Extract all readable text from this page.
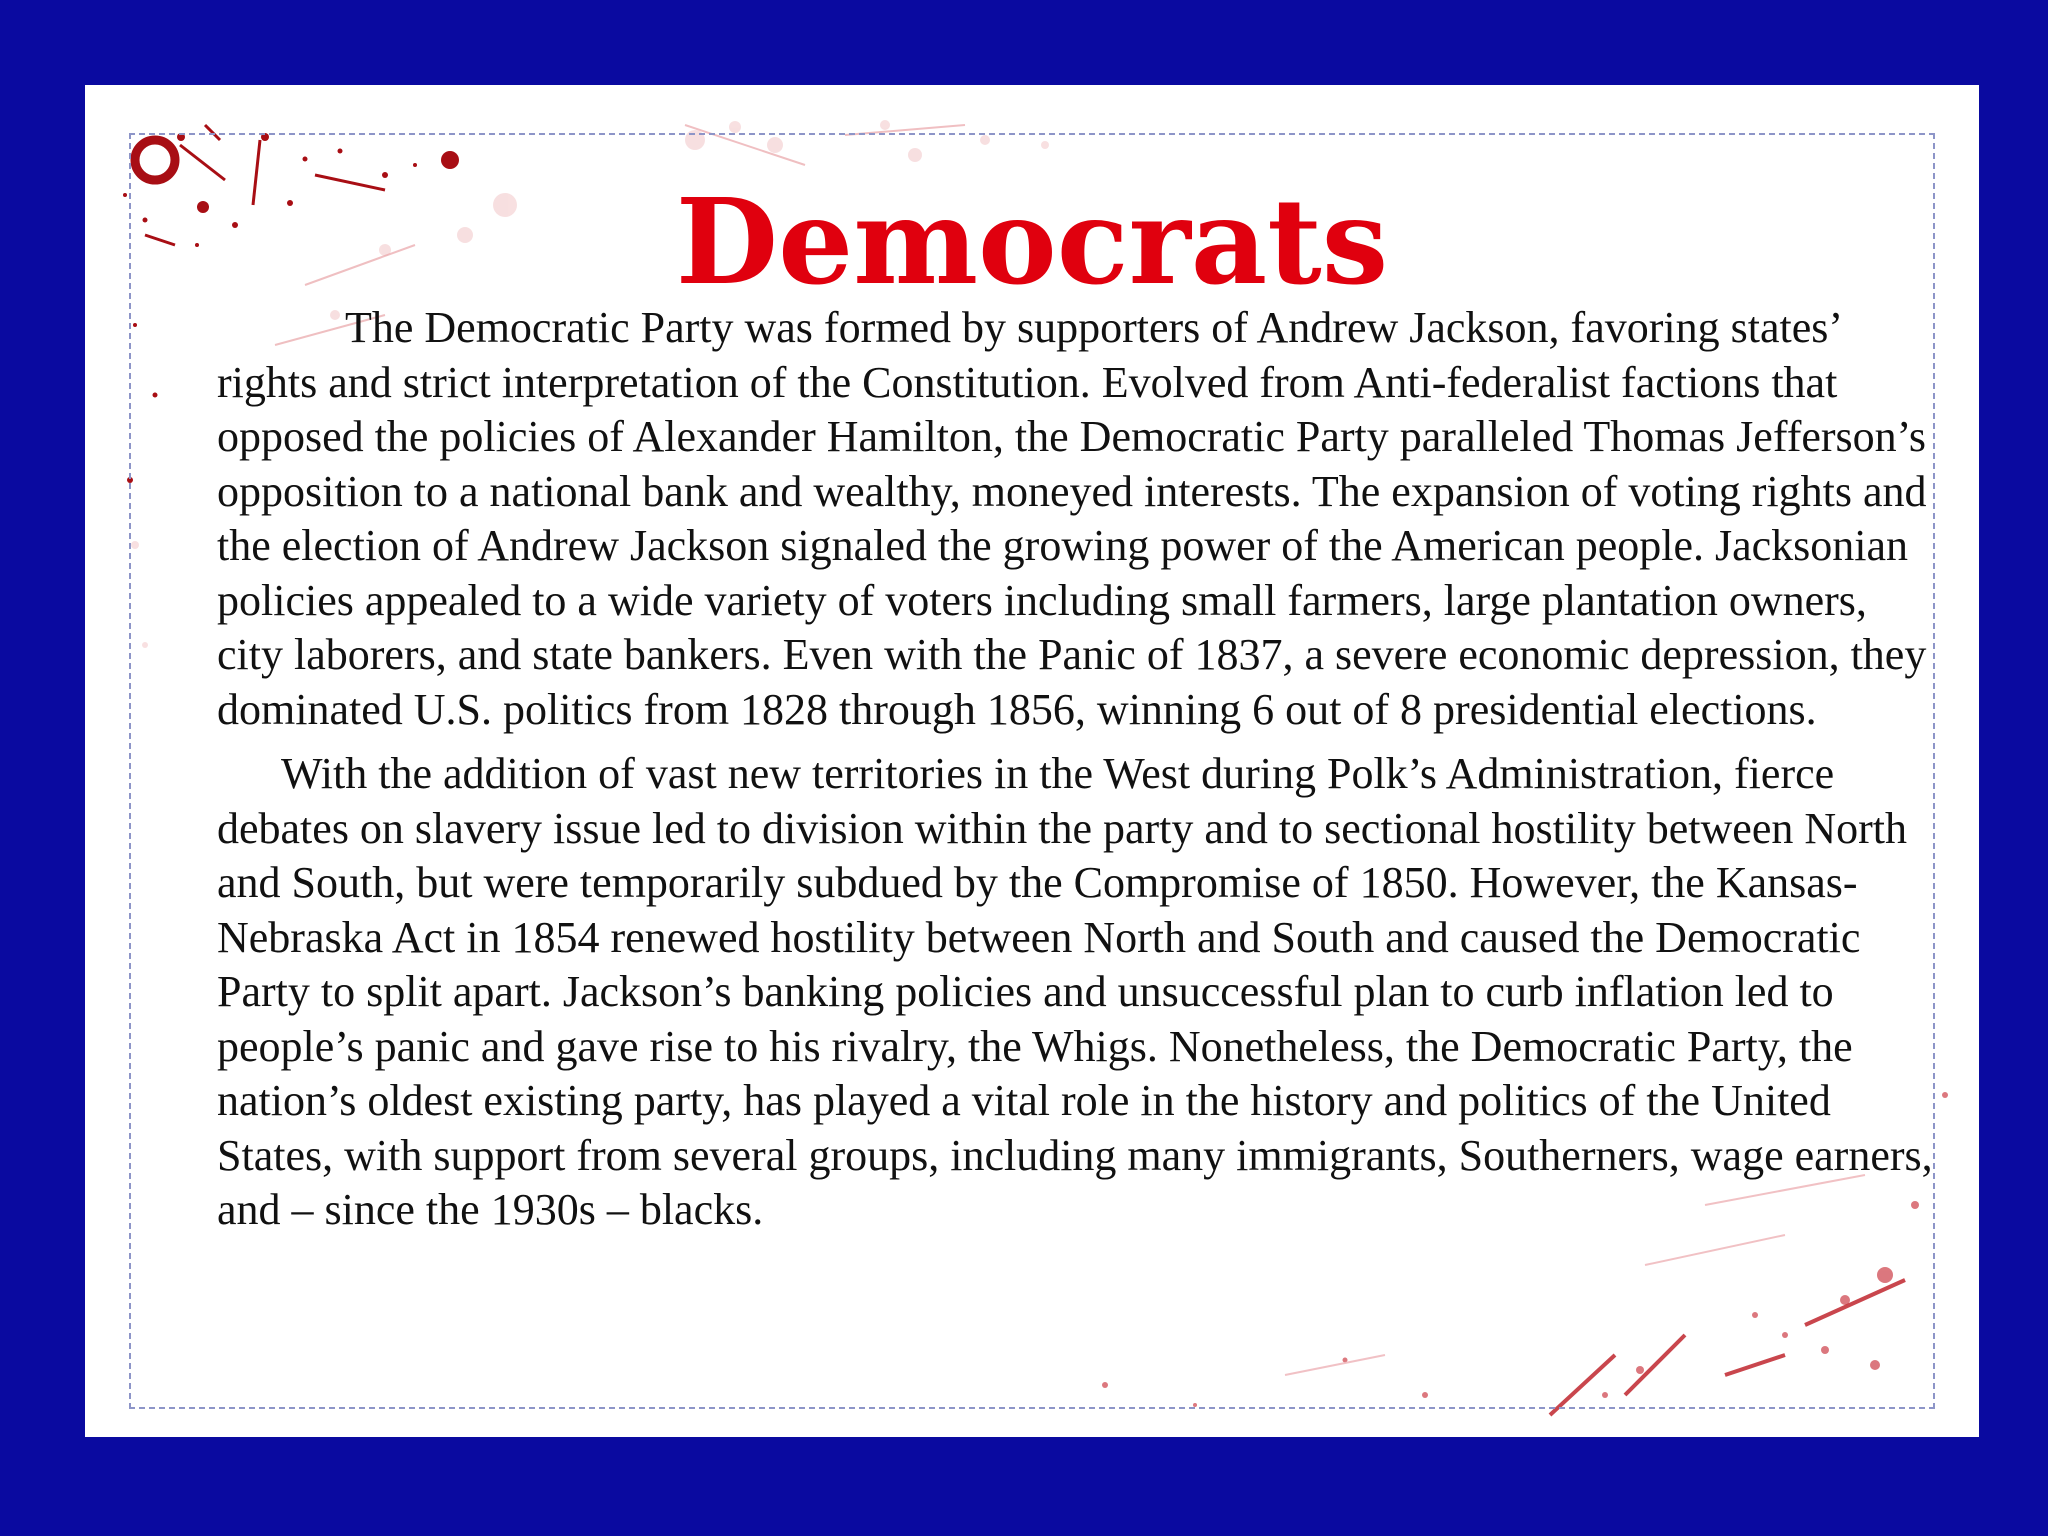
Democrats

The Democratic Party was formed by supporters of Andrew Jackson, favoring states’ rights and strict interpretation of the Constitution. Evolved from Anti-federalist factions that opposed the policies of Alexander Hamilton, the Democratic Party paralleled Thomas Jefferson’s opposition to a national bank and wealthy, moneyed interests. The expansion of voting rights and the election of Andrew Jackson signaled the growing power of the American people. Jacksonian policies appealed to a wide variety of voters including small farmers, large plantation owners, city laborers, and state bankers. Even with the Panic of 1837, a severe economic depression, they dominated U.S. politics from 1828 through 1856, winning 6 out of 8 presidential elections.

With the addition of vast new territories in the West during Polk’s Administration, fierce debates on slavery issue led to division within the party and to sectional hostility between North and South, but were temporarily subdued by the Compromise of 1850. However, the Kansas-Nebraska Act in 1854 renewed hostility between North and South and caused the Democratic Party to split apart. Jackson’s banking policies and unsuccessful plan to curb inflation led to people’s panic and gave rise to his rivalry, the Whigs. Nonetheless, the Democratic Party, the nation’s oldest existing party, has played a vital role in the history and politics of the United States, with support from several groups, including many immigrants, Southerners, wage earners, and – since the 1930s – blacks.
